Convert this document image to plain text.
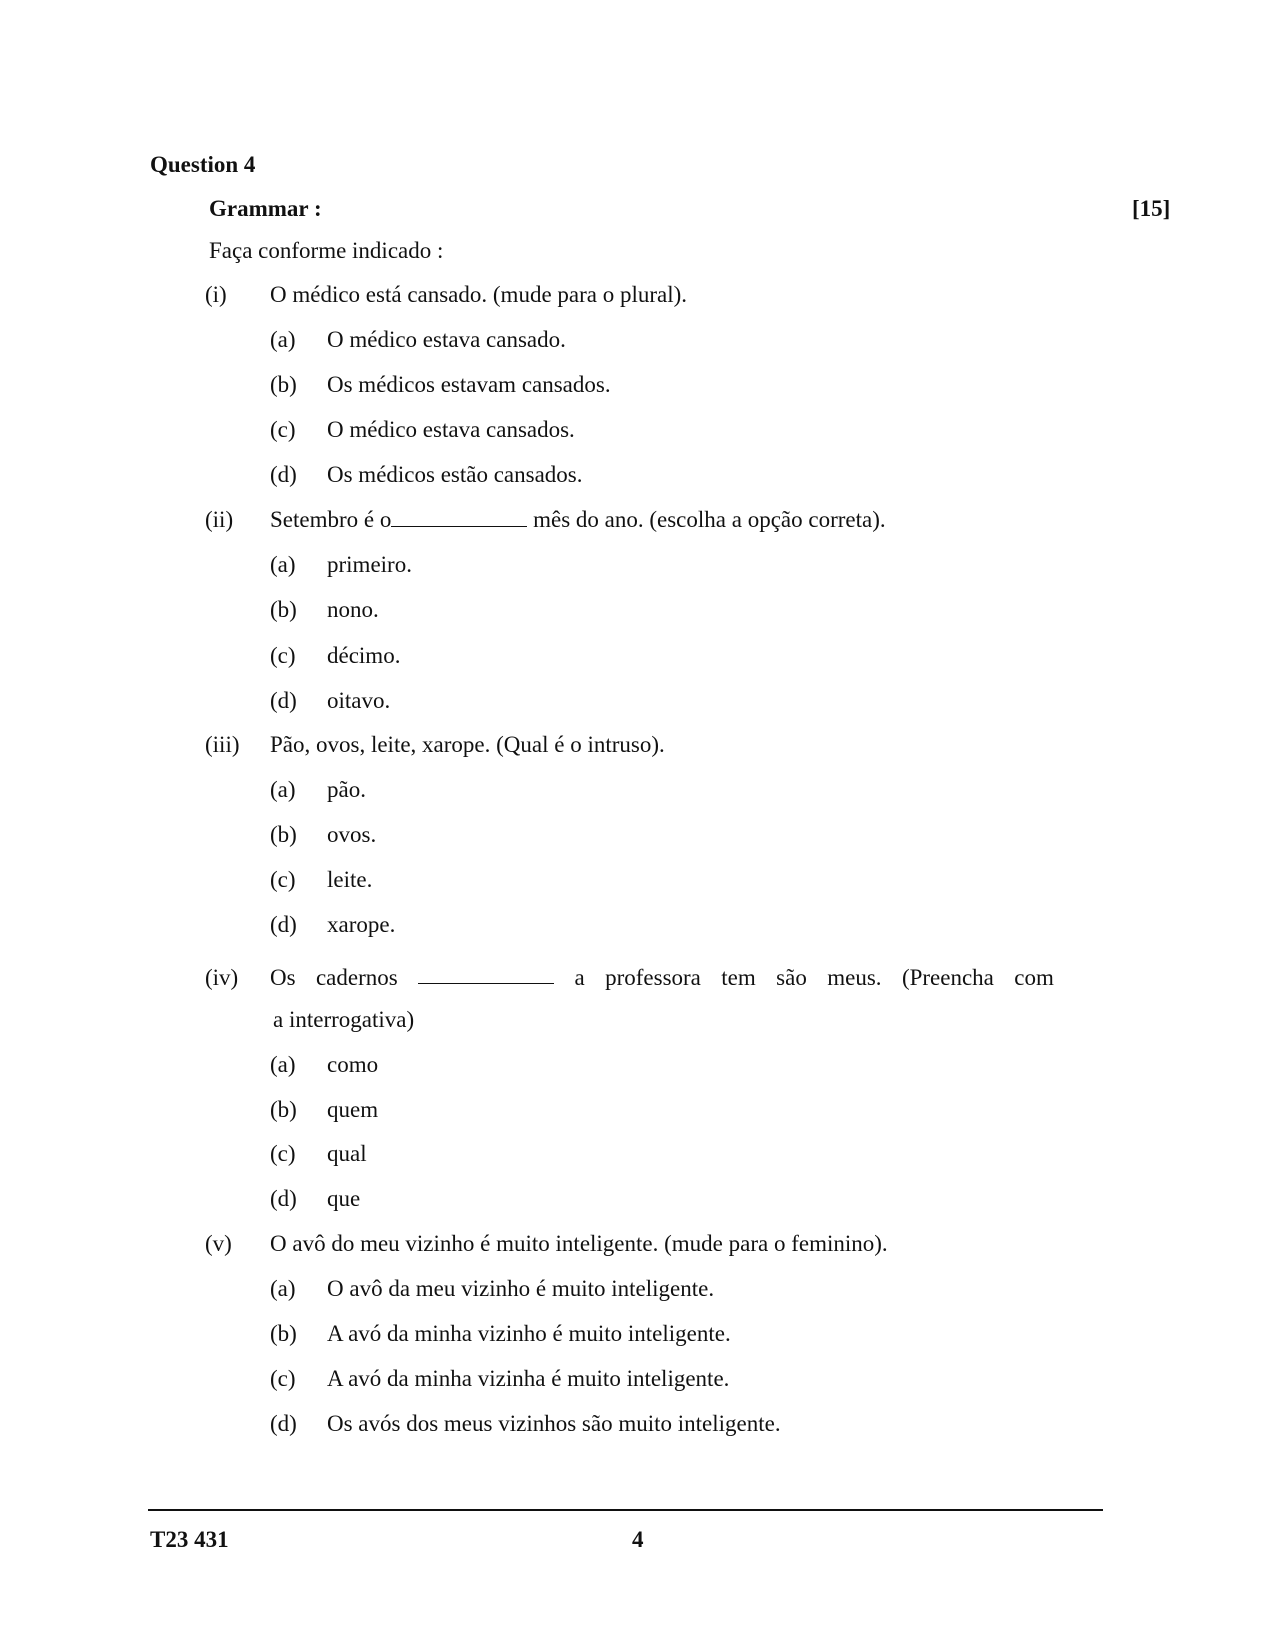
Question 4
Grammar :	[15]
Faça conforme indicado :
(i) O médico está cansado. (mude para o plural).
(a) O médico estava cansado.
(b) Os médicos estavam cansados.
(c) O médico estava cansados.
(d) Os médicos estão cansados.
(ii) Setembro é o	mês do ano. (escolha a opção correta).
(a) primeiro.
(b) nono.
(c) décimo.
(d) oitavo.
(iii) Pão, ovos, leite, xarope. (Qual é o intruso).
(a) pão.
(b) ovos.
(c) leite.
(d) xarope.
(iv) Os cadernos	a professora tem são meus. (Preencha com
a interrogativa)
(a) como
(b) quem
(c) qual
(d) que
(v) O avô do meu vizinho é muito inteligente. (mude para o feminino).
(a) O avô da meu vizinho é muito inteligente.
(b) A avó da minha vizinho é muito inteligente.
(c) A avó da minha vizinha é muito inteligente.
(d) Os avós dos meus vizinhos são muito inteligente.
T23 431	4
